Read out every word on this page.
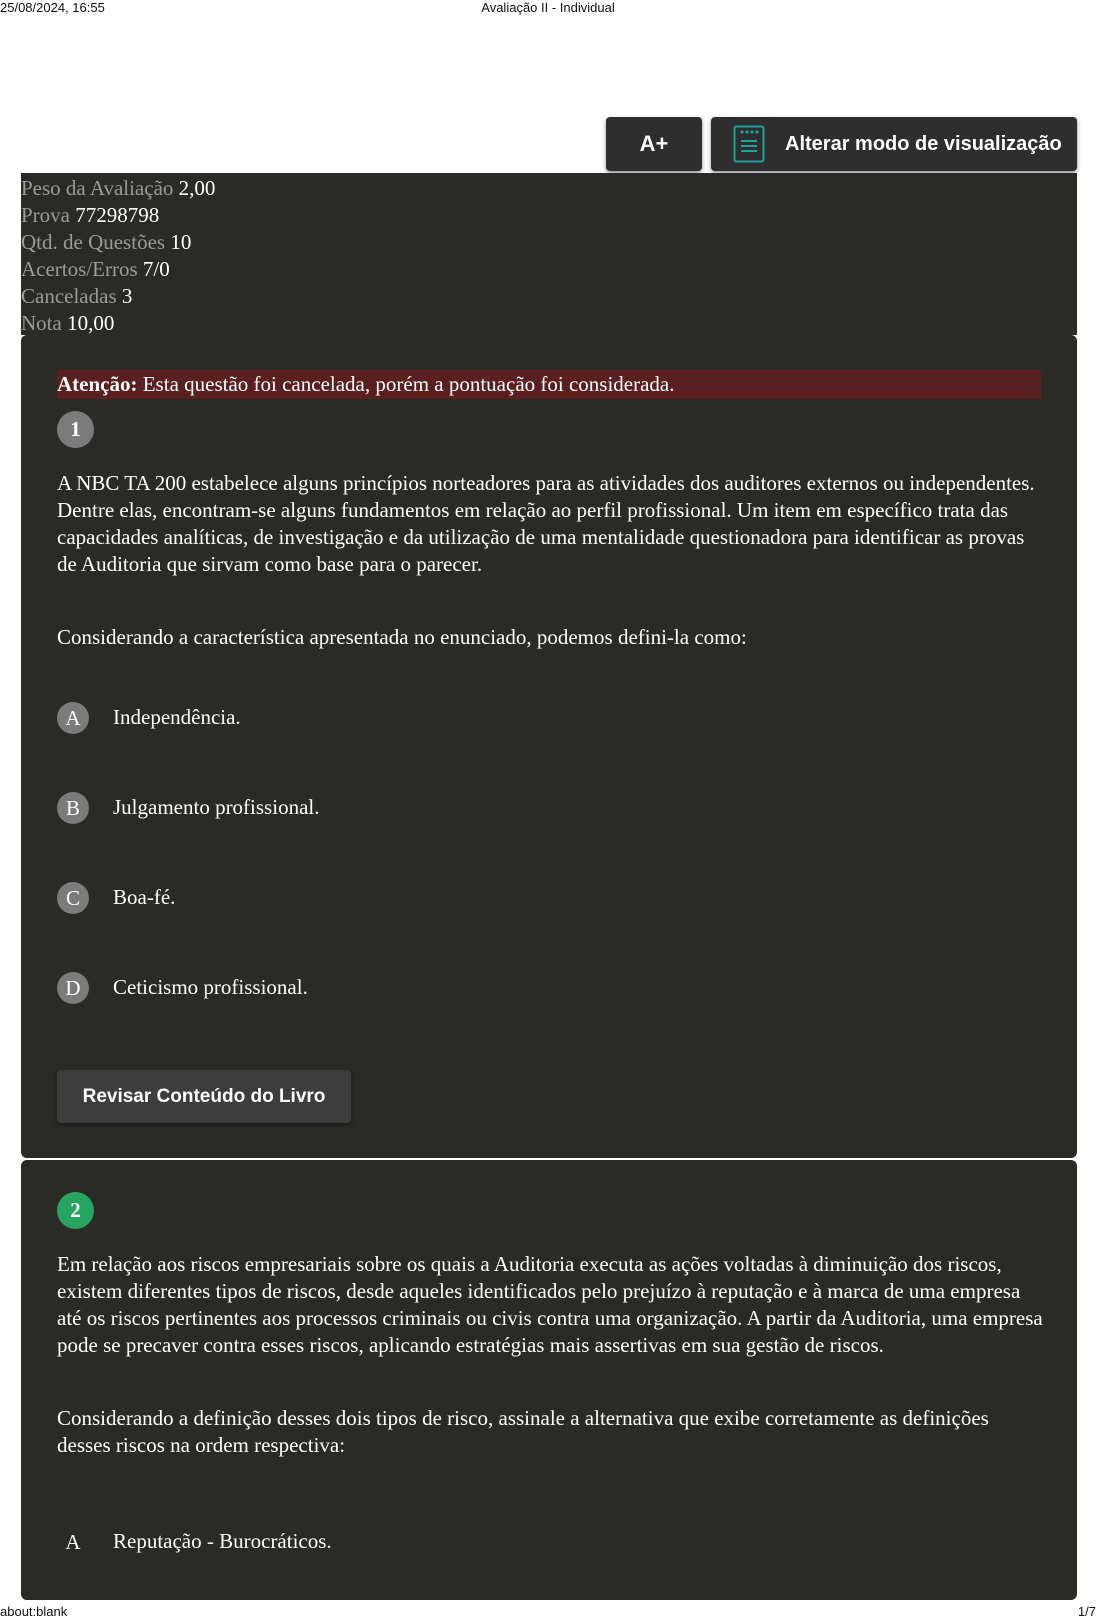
25/08/2024, 16:55	Avaliação II - Individual
A+	Alterar modo de visualização
Peso da Avaliação 2,00
Prova 77298798
Qtd. de Questões 10
Acertos/Erros 7/0
Canceladas 3
Nota 10,00
Atenção: Esta questão foi cancelada, porém a pontuação foi considerada.
1
A NBC TA 200 estabelece alguns princípios norteadores para as atividades dos auditores externos ou independentes. Dentre elas, encontram-se alguns fundamentos em relação ao perfil profissional. Um item em específico trata das capacidades analíticas, de investigação e da utilização de uma mentalidade questionadora para identificar as provas de Auditoria que sirvam como base para o parecer.
Considerando a característica apresentada no enunciado, podemos defini-la como:
A	Independência.
B	Julgamento profissional.
C	Boa-fé.
D	Ceticismo profissional.
Revisar Conteúdo do Livro
2
Em relação aos riscos empresariais sobre os quais a Auditoria executa as ações voltadas à diminuição dos riscos, existem diferentes tipos de riscos, desde aqueles identificados pelo prejuízo à reputação e à marca de uma empresa até os riscos pertinentes aos processos criminais ou civis contra uma organização. A partir da Auditoria, uma empresa pode se precaver contra esses riscos, aplicando estratégias mais assertivas em sua gestão de riscos.
Considerando a definição desses dois tipos de risco, assinale a alternativa que exibe corretamente as definições desses riscos na ordem respectiva:
A	Reputação - Burocráticos.
about:blank	1/7
